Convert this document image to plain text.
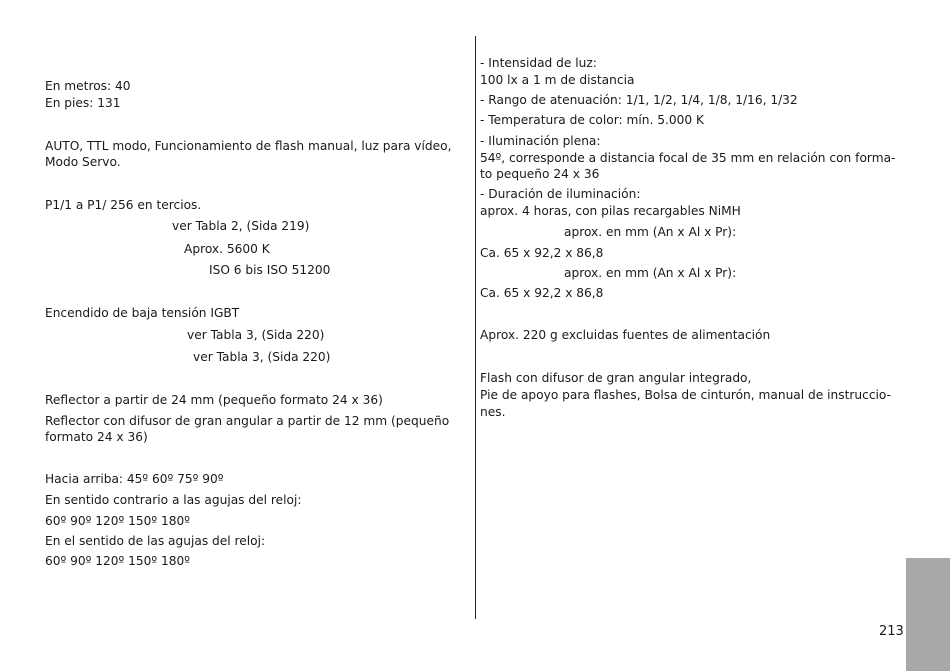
En metros: 40
En pies: 131
AUTO, TTL modo, Funcionamiento de flash manual, luz para vídeo,
Modo Servo.
P1/1 a P1/ 256 en tercios.
ver Tabla 2, (Sida 219)
Aprox. 5600 K
ISO 6 bis ISO 51200
Encendido de baja tensión IGBT
ver Tabla 3, (Sida 220)
ver Tabla 3, (Sida 220)
Reflector a partir de 24 mm (pequeño formato 24 x 36)
Reflector con difusor de gran angular a partir de 12 mm (pequeño
formato 24 x 36)
Hacia arriba: 45º 60º 75º 90º
En sentido contrario a las agujas del reloj:
60º 90º 120º 150º 180º
En el sentido de las agujas del reloj:
60º 90º 120º 150º 180º
- Intensidad de luz:
100 lx a 1 m de distancia
- Rango de atenuación: 1/1, 1/2, 1/4, 1/8, 1/16, 1/32
- Temperatura de color: mín. 5.000 K
- Iluminación plena:
54º, corresponde a distancia focal de 35 mm en relación con forma-
to pequeño 24 x 36
- Duración de iluminación:
aprox. 4 horas, con pilas recargables NiMH
aprox. en mm (An x Al x Pr):
Ca. 65 x 92,2 x 86,8
aprox. en mm (An x Al x Pr):
Ca. 65 x 92,2 x 86,8
Aprox. 220 g excluidas fuentes de alimentación
Flash con difusor de gran angular integrado,
Pie de apoyo para flashes, Bolsa de cinturón, manual de instruccio-
nes.
213
